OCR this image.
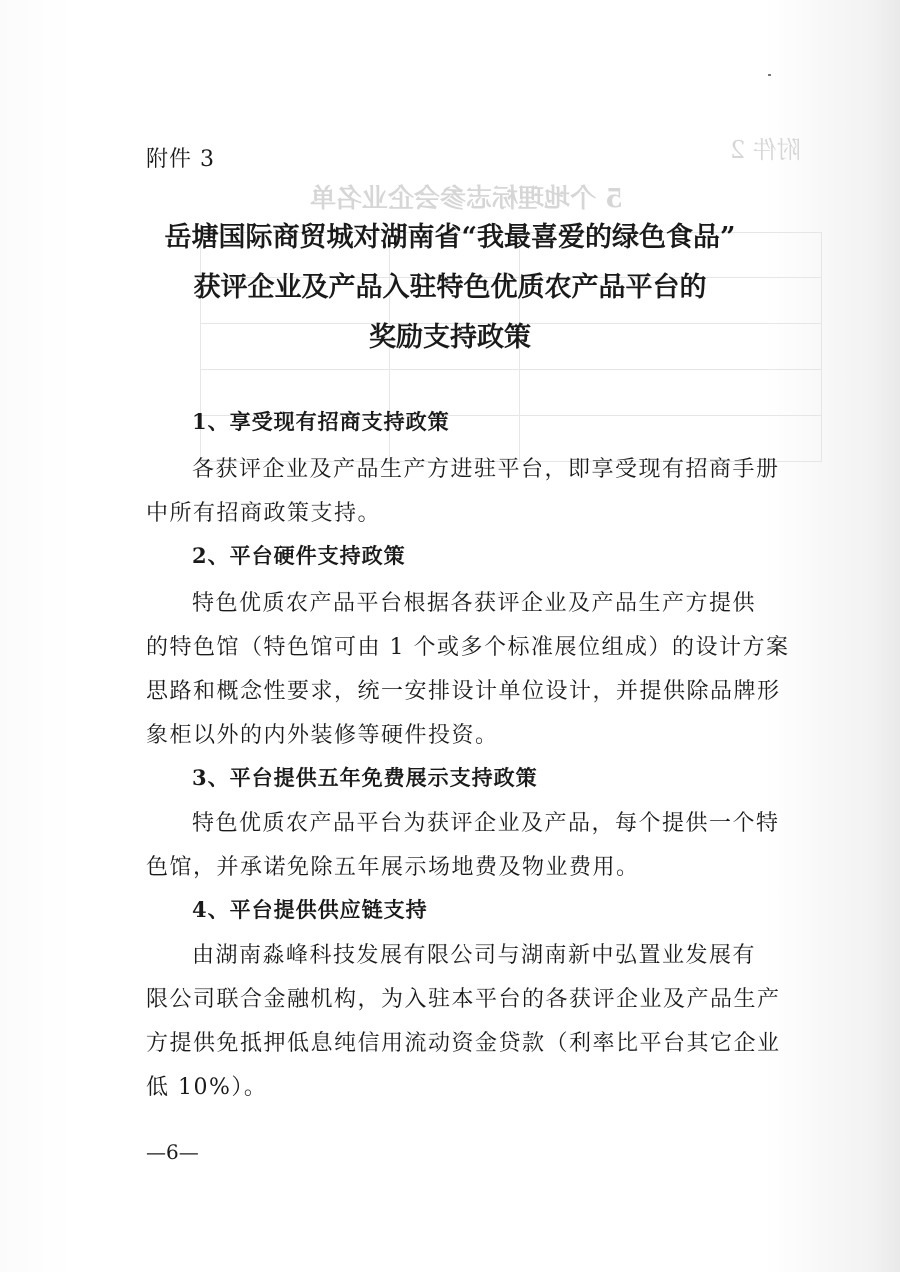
附件 2
5 个地理标志参会企业名单
附件 3
岳塘国际商贸城对湖南省“我最喜爱的绿色食品”
获评企业及产品入驻特色优质农产品平台的
奖励支持政策
1、享受现有招商支持政策
各获评企业及产品生产方进驻平台，即享受现有招商手册
中所有招商政策支持。
2、平台硬件支持政策
特色优质农产品平台根据各获评企业及产品生产方提供
的特色馆（特色馆可由 1 个或多个标准展位组成）的设计方案
思路和概念性要求，统一安排设计单位设计，并提供除品牌形
象柜以外的内外装修等硬件投资。
3、平台提供五年免费展示支持政策
特色优质农产品平台为获评企业及产品，每个提供一个特
色馆，并承诺免除五年展示场地费及物业费用。
4、平台提供供应链支持
由湖南淼峰科技发展有限公司与湖南新中弘置业发展有
限公司联合金融机构，为入驻本平台的各获评企业及产品生产
方提供免抵押低息纯信用流动资金贷款（利率比平台其它企业
低 10%）。
—6—
